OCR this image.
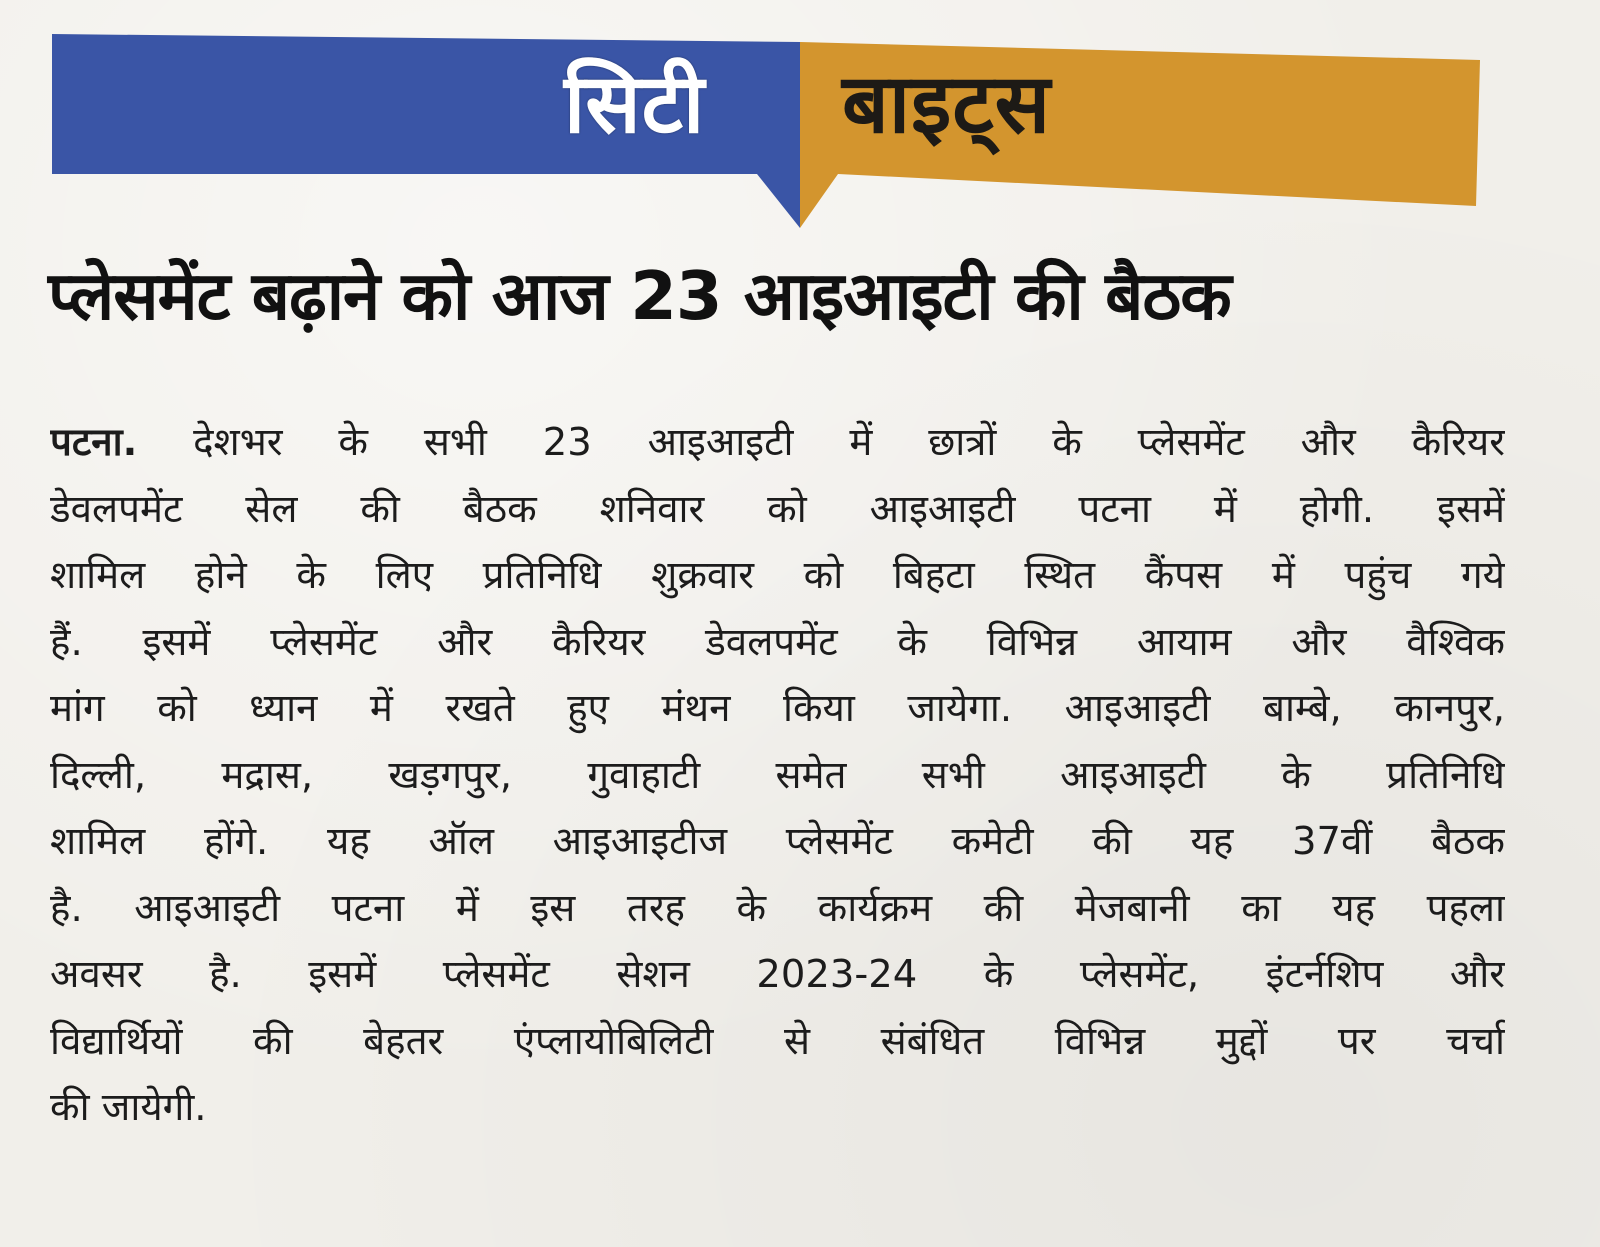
सिटी बाइट्स
प्लेसमेंट बढ़ाने को आज 23 आइआइटी की बैठक
पटना. देशभर के सभी 23 आइआइटी में छात्रों के प्लेसमेंट और कैरियर
डेवलपमेंट सेल की बैठक शनिवार को आइआइटी पटना में होगी. इसमें
शामिल होने के लिए प्रतिनिधि शुक्रवार को बिहटा स्थित कैंपस में पहुंच गये
हैं. इसमें प्लेसमेंट और कैरियर डेवलपमेंट के विभिन्न आयाम और वैश्विक
मांग को ध्यान में रखते हुए मंथन किया जायेगा. आइआइटी बाम्बे, कानपुर,
दिल्ली, मद्रास, खड़गपुर, गुवाहाटी समेत सभी आइआइटी के प्रतिनिधि
शामिल होंगे. यह ऑल आइआइटीज प्लेसमेंट कमेटी की यह 37वीं बैठक
है. आइआइटी पटना में इस तरह के कार्यक्रम की मेजबानी का यह पहला
अवसर है. इसमें प्लेसमेंट सेशन 2023-24 के प्लेसमेंट, इंटर्नशिप और
विद्यार्थियों की बेहतर एंप्लायोबिलिटी से संबंधित विभिन्न मुद्दों पर चर्चा
की जायेगी.
